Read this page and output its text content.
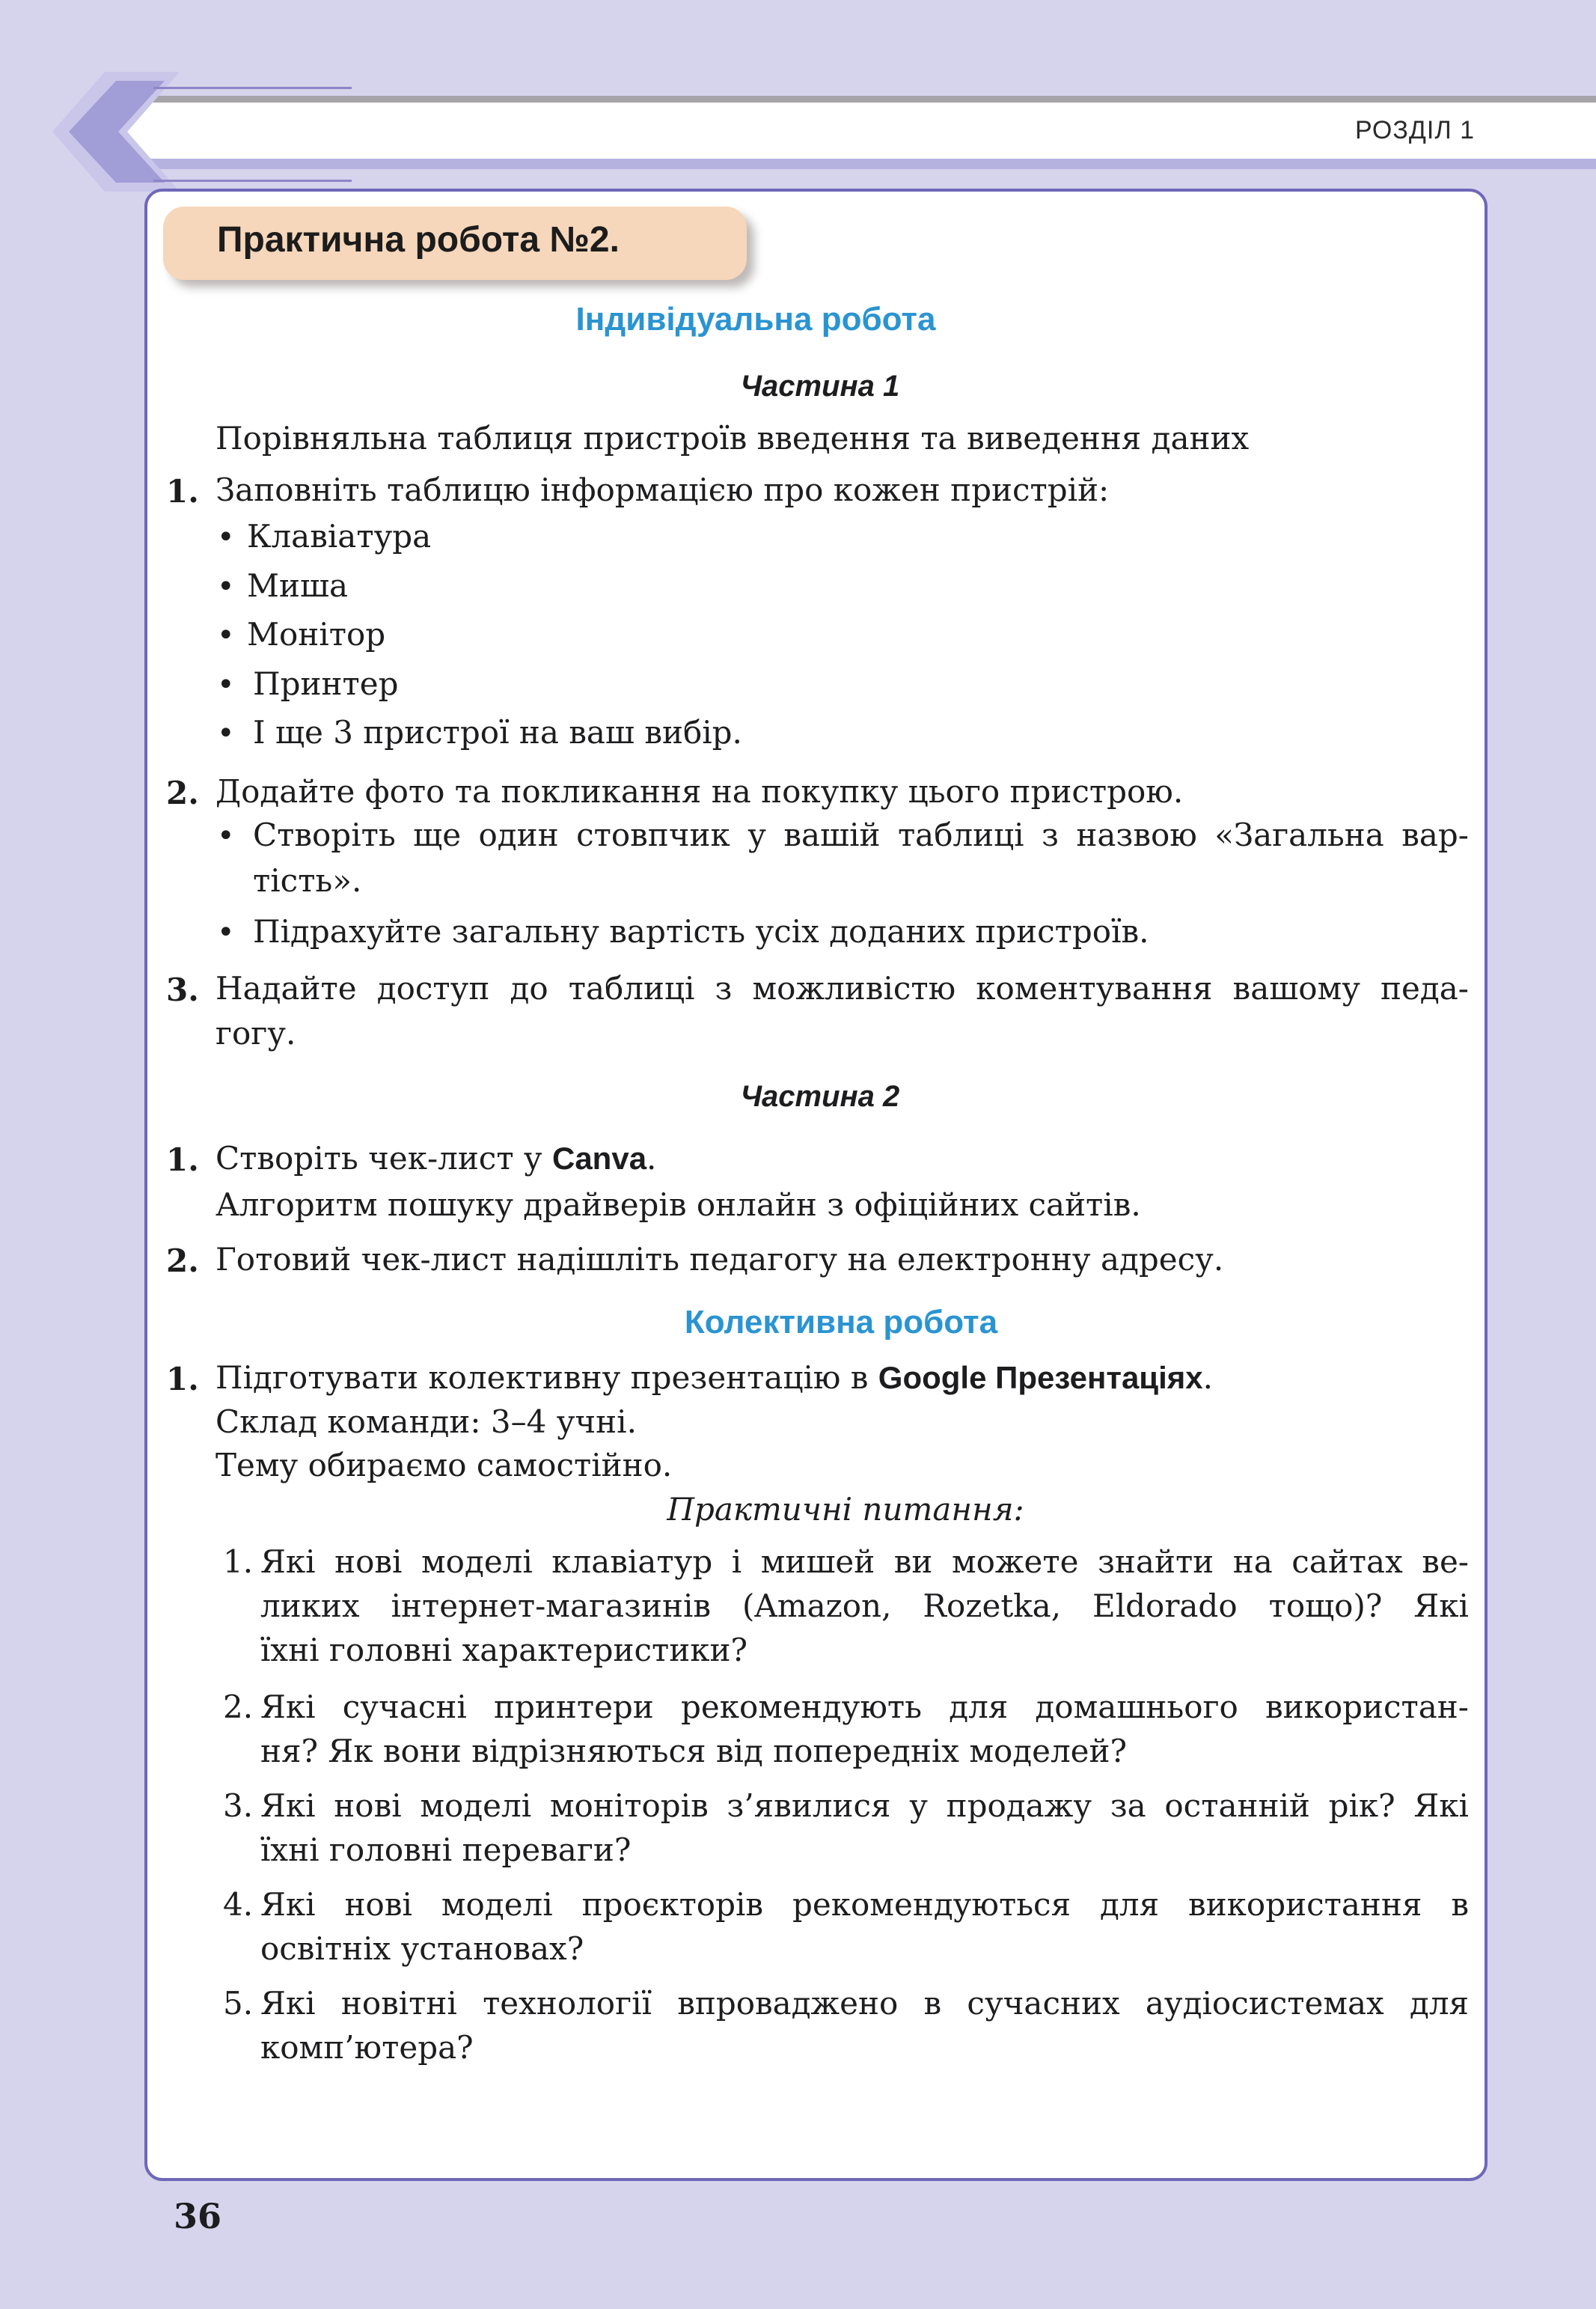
РОЗДІЛ 1
Практична робота №2.
Індивідуальна робота
Частина 1
Порівняльна таблиця пристроїв введення та виведення даних
1. Заповніть таблицю інформацією про кожен пристрій:
• Клавіатура
• Миша
• Монітор
• Принтер
• І ще 3 пристрої на ваш вибір.
2. Додайте фото та покликання на покупку цього пристрою.
• Створіть ще один стовпчик у вашій таблиці з назвою «Загальна вар-
тість».
• Підрахуйте загальну вартість усіх доданих пристроїв.
3. Надайте доступ до таблиці з можливістю коментування вашому педа-
гогу.
Частина 2
1. Створіть чек-лист у Canva.
Алгоритм пошуку драйверів онлайн з офіційних сайтів.
2. Готовий чек-лист надішліть педагогу на електронну адресу.
Колективна робота
1. Підготувати колективну презентацію в Google Презентаціях.
Склад команди: 3–4 учні.
Тему обираємо самостійно.
Практичні питання:
1. Які нові моделі клавіатур і мишей ви можете знайти на сайтах ве-
ликих інтернет-магазинів (Amazon, Rozetka, Eldorado тощо)? Які
їхні головні характеристики?
2. Які сучасні принтери рекомендують для домашнього використан-
ня? Як вони відрізняються від попередніх моделей?
3. Які нові моделі моніторів з’явилися у продажу за останній рік? Які
їхні головні переваги?
4. Які нові моделі проєкторів рекомендуються для використання в
освітніх установах?
5. Які новітні технології впроваджено в сучасних аудіосистемах для
комп’ютера?
36
